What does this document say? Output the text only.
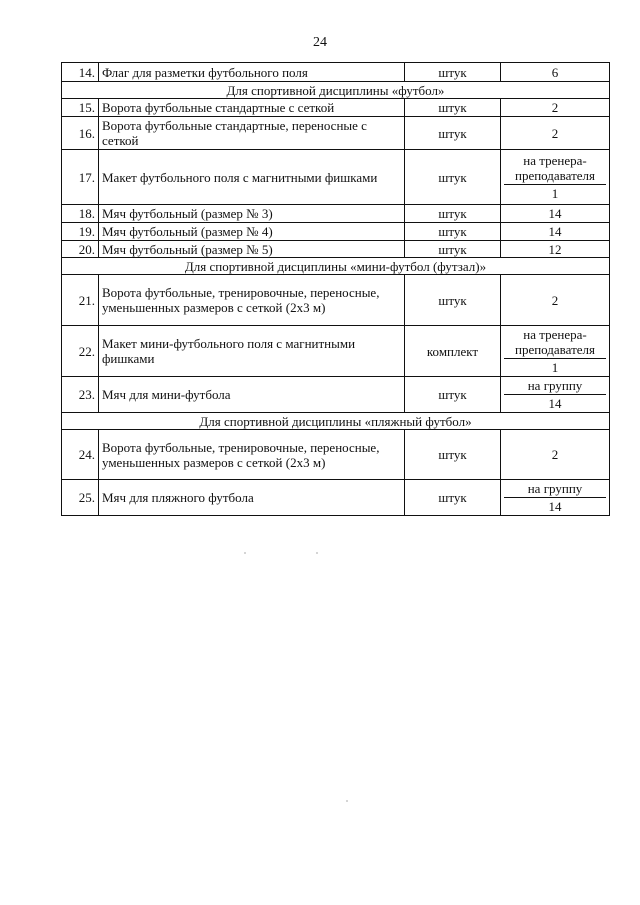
24
14.	Флаг для разметки футбольного поля	штук	6

Для спортивной дисциплины «футбол»			
15.	Ворота футбольные стандартные с сеткой	штук	2

16.	Ворота футбольные стандартные, переносные с сеткой	штук	2

17.	Макет футбольного поля с магнитными фишками	штук	на тренера-преподавателя
1

18.	Мяч футбольный (размер № 3)	штук	14

19.	Мяч футбольный (размер № 4)	штук	14

20.	Мяч футбольный (размер № 5)	штук	12

Для спортивной дисциплины «мини-футбол (футзал)»			
21.	Ворота футбольные, тренировочные, переносные, уменьшенных размеров с сеткой (2х3 м)	штук	2

22.	Макет мини-футбольного поля с магнитными фишками	комплект	на тренера-преподавателя
1

23.	Мяч для мини-футбола	штук	на группу
14

Для спортивной дисциплины «пляжный футбол»			
24.	Ворота футбольные, тренировочные, переносные, уменьшенных размеров с сеткой (2х3 м)	штук	2

25.	Мяч для пляжного футбола	штук	на группу
14
